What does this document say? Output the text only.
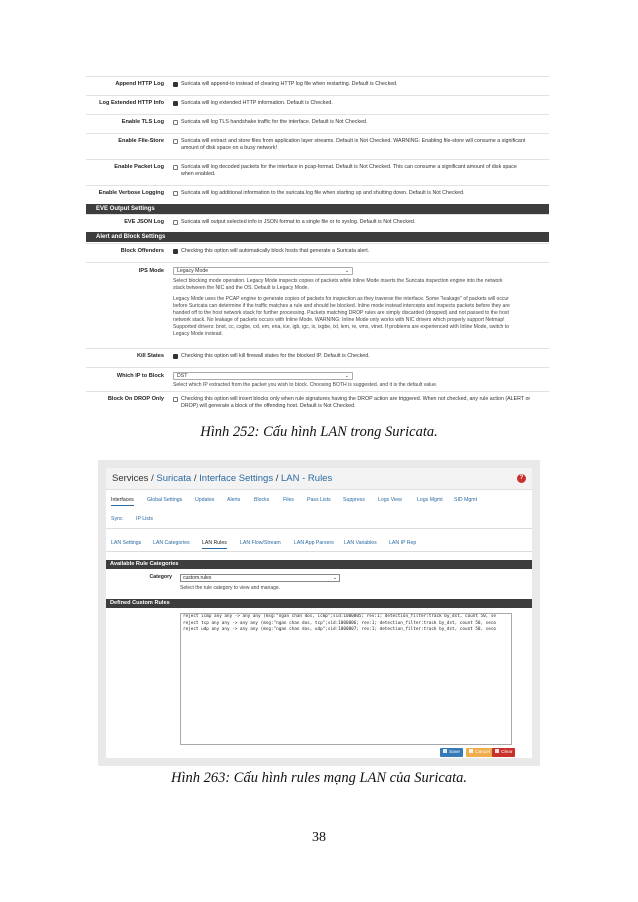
Append HTTP Log	Suricata will append-to instead of clearing HTTP log file when restarting. Default is Checked.
Log Extended HTTP Info	Suricata will log extended HTTP information. Default is Checked.
Enable TLS Log	Suricata will log TLS handshake traffic for the interface. Default is Not Checked.
Enable File-Store	Suricata will extract and store files from application layer streams. Default is Not Checked. WARNING: Enabling file-store will consume a significant
amount of disk space on a busy network!
Enable Packet Log	Suricata will log decoded packets for the interface in pcap-format. Default is Not Checked. This can consume a significant amount of disk space
when enabled.
Enable Verbose Logging	Suricata will log additional information to the suricata.log file when starting up and shutting down. Default is Not Checked.
EVE Output Settings
EVE JSON Log	Suricata will output selected info in JSON format to a single file or to syslog. Default is Not Checked.
Alert and Block Settings
Block Offenders	Checking this option will automatically block hosts that generate a Suricata alert.
IPS Mode	Legacy Mode	⌄
Select blocking mode operation. Legacy Mode inspects copies of packets while Inline Mode inserts the Suricata inspection engine into the network
stack between the NIC and the OS. Default is Legacy Mode.
Legacy Mode uses the PCAP engine to generate copies of packets for inspection as they traverse the interface. Some "leakage" of packets will occur
before Suricata can determine if the traffic matches a rule and should be blocked. Inline mode instead intercepts and inspects packets before they are
handed off to the host network stack for further processing. Packets matching DROP rules are simply discarded (dropped) and not passed to the host
network stack. No leakage of packets occurs with Inline Mode. WARNING: Inline Mode only works with NIC drivers which properly support Netmap!
Supported drivers: bnxt, cc, cxgbe, cxl, em, ena, ice, igb, igc, ix, ixgbe, ixl, lem, re, vmx, vtnet. If problems are experienced with Inline Mode, switch to
Legacy Mode instead.
Kill States	Checking this option will kill firewall states for the blocked IP. Default is Checked.
Which IP to Block	DST	⌄
Select which IP extracted from the packet you wish to block. Choosing BOTH is suggested, and it is the default value.
Block On DROP Only	Checking this option will insert blocks only when rule signatures having the DROP action are triggered. When not checked, any rule action (ALERT or
DROP) will generate a block of the offending host. Default is Not Checked.
Hình 252: Cấu hình LAN trong Suricata.
Services / Suricata / Interface Settings / LAN - Rules	?
Interfaces	Global Settings Updates Alerts	Blocks	Files	Pass Lists Suppress	Logs View	Logs Mgmt SID Mgmt
Sync	IP Lists
LAN Settings LAN Categories LAN Rules	LAN Flow/Stream	LAN App Parsers LAN Variables LAN IP Rep
Available Rule Categories
Category	custom.rules	⌄
Select the rule category to view and manage.
Defined Custom Rules
reject icmp any any -> any any (msg:"ngan chan dos, icmp";sid:1000005; rev:1; detection_filter:track by_dst, count 50, se
reject tcp any any -> any any (msg:"ngan chan dos, tcp";sid:1000006; rev:1; detection_filter:track by_dst, count 50, seco
reject udp any any -> any any (msg:"ngan chan dos, udp";sid:1000007; rev:1; detection_filter:track by_dst, count 50, seco
Save	Cancel	Clear
Hình 263: Cấu hình rules mạng LAN của Suricata.
38
